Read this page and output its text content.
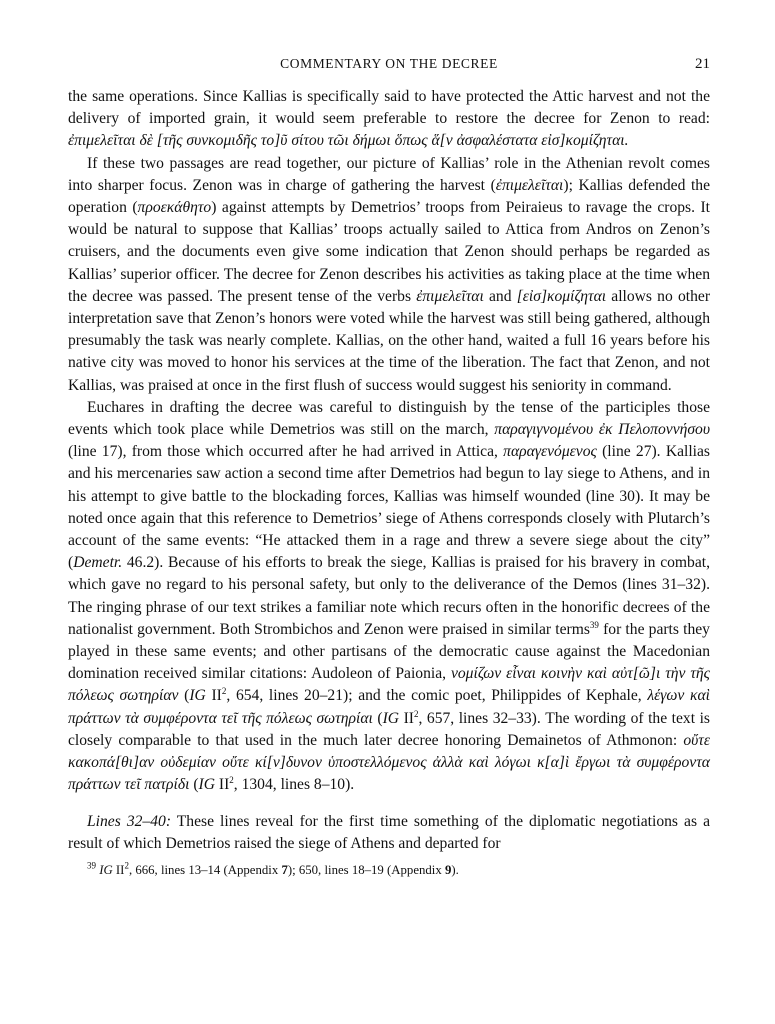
COMMENTARY ON THE DECREE	21

the same operations. Since Kallias is specifically said to have protected the Attic harvest and not the delivery of imported grain, it would seem preferable to restore the decree for Zenon to read: ἐπιμελεῖται δὲ [τῆς συνκομιδῆς το]ῦ σίτου τῶι δήμωι ὅπως ἅ[ν ἀσφαλέστατα εἰσ]κομίζηται.

If these two passages are read together, our picture of Kallias’ role in the Athenian revolt comes into sharper focus. Zenon was in charge of gathering the harvest (ἐπιμελεῖται); Kallias defended the operation (προεκάθητο) against attempts by Demetrios’ troops from Peiraieus to ravage the crops. It would be natural to suppose that Kallias’ troops actually sailed to Attica from Andros on Zenon’s cruisers, and the documents even give some indication that Zenon should perhaps be regarded as Kallias’ superior officer. The decree for Zenon describes his activities as taking place at the time when the decree was passed. The present tense of the verbs ἐπιμελεῖται and [εἰσ]κομίζηται allows no other interpretation save that Zenon’s honors were voted while the harvest was still being gathered, although presumably the task was nearly complete. Kallias, on the other hand, waited a full 16 years before his native city was moved to honor his services at the time of the liberation. The fact that Zenon, and not Kallias, was praised at once in the first flush of success would suggest his seniority in command.

Euchares in drafting the decree was careful to distinguish by the tense of the participles those events which took place while Demetrios was still on the march, παραγιγνομένου ἐκ Πελοποννήσου (line 17), from those which occurred after he had arrived in Attica, παραγενόμενος (line 27). Kallias and his mercenaries saw action a second time after Demetrios had begun to lay siege to Athens, and in his attempt to give battle to the blockading forces, Kallias was himself wounded (line 30). It may be noted once again that this reference to Demetrios’ siege of Athens corresponds closely with Plutarch’s account of the same events: “He attacked them in a rage and threw a severe siege about the city” (Demetr. 46.2). Because of his efforts to break the siege, Kallias is praised for his bravery in combat, which gave no regard to his personal safety, but only to the deliverance of the Demos (lines 31–32). The ringing phrase of our text strikes a familiar note which recurs often in the honorific decrees of the nationalist government. Both Strombichos and Zenon were praised in similar terms$^{39}$ for the parts they played in these same events; and other partisans of the democratic cause against the Macedonian domination received similar citations: Audoleon of Paionia, νομίζων εἶναι κοινὴν καὶ αὐτ[ῶ]ι τὴν τῆς πόλεως σωτηρίαν (IG $II^2$, 654, lines 20–21); and the comic poet, Philippides of Kephale, λέγων καὶ πράττων τὰ συμφέροντα τεῖ τῆς πόλεως σωτηρίαι (IG $II^2$, 657, lines 32–33). The wording of the text is closely comparable to that used in the much later decree honoring Demainetos of Athmonon: οὔτε κακοπά[θι]αν οὐδεμίαν οὔτε κί[ν]δυνον ὑποστελλόμενος ἀλλὰ καὶ λόγωι κ[α]ὶ ἔργωι τὰ συμφέροντα πράττων τεῖ πατρίδι (IG $II^2$, 1304, lines 8–10).

Lines 32–40: These lines reveal for the first time something of the diplomatic negotiations as a result of which Demetrios raised the siege of Athens and departed for

$^{39}$ IG $II^2$, 666, lines 13–14 (Appendix 7); 650, lines 18–19 (Appendix 9).
